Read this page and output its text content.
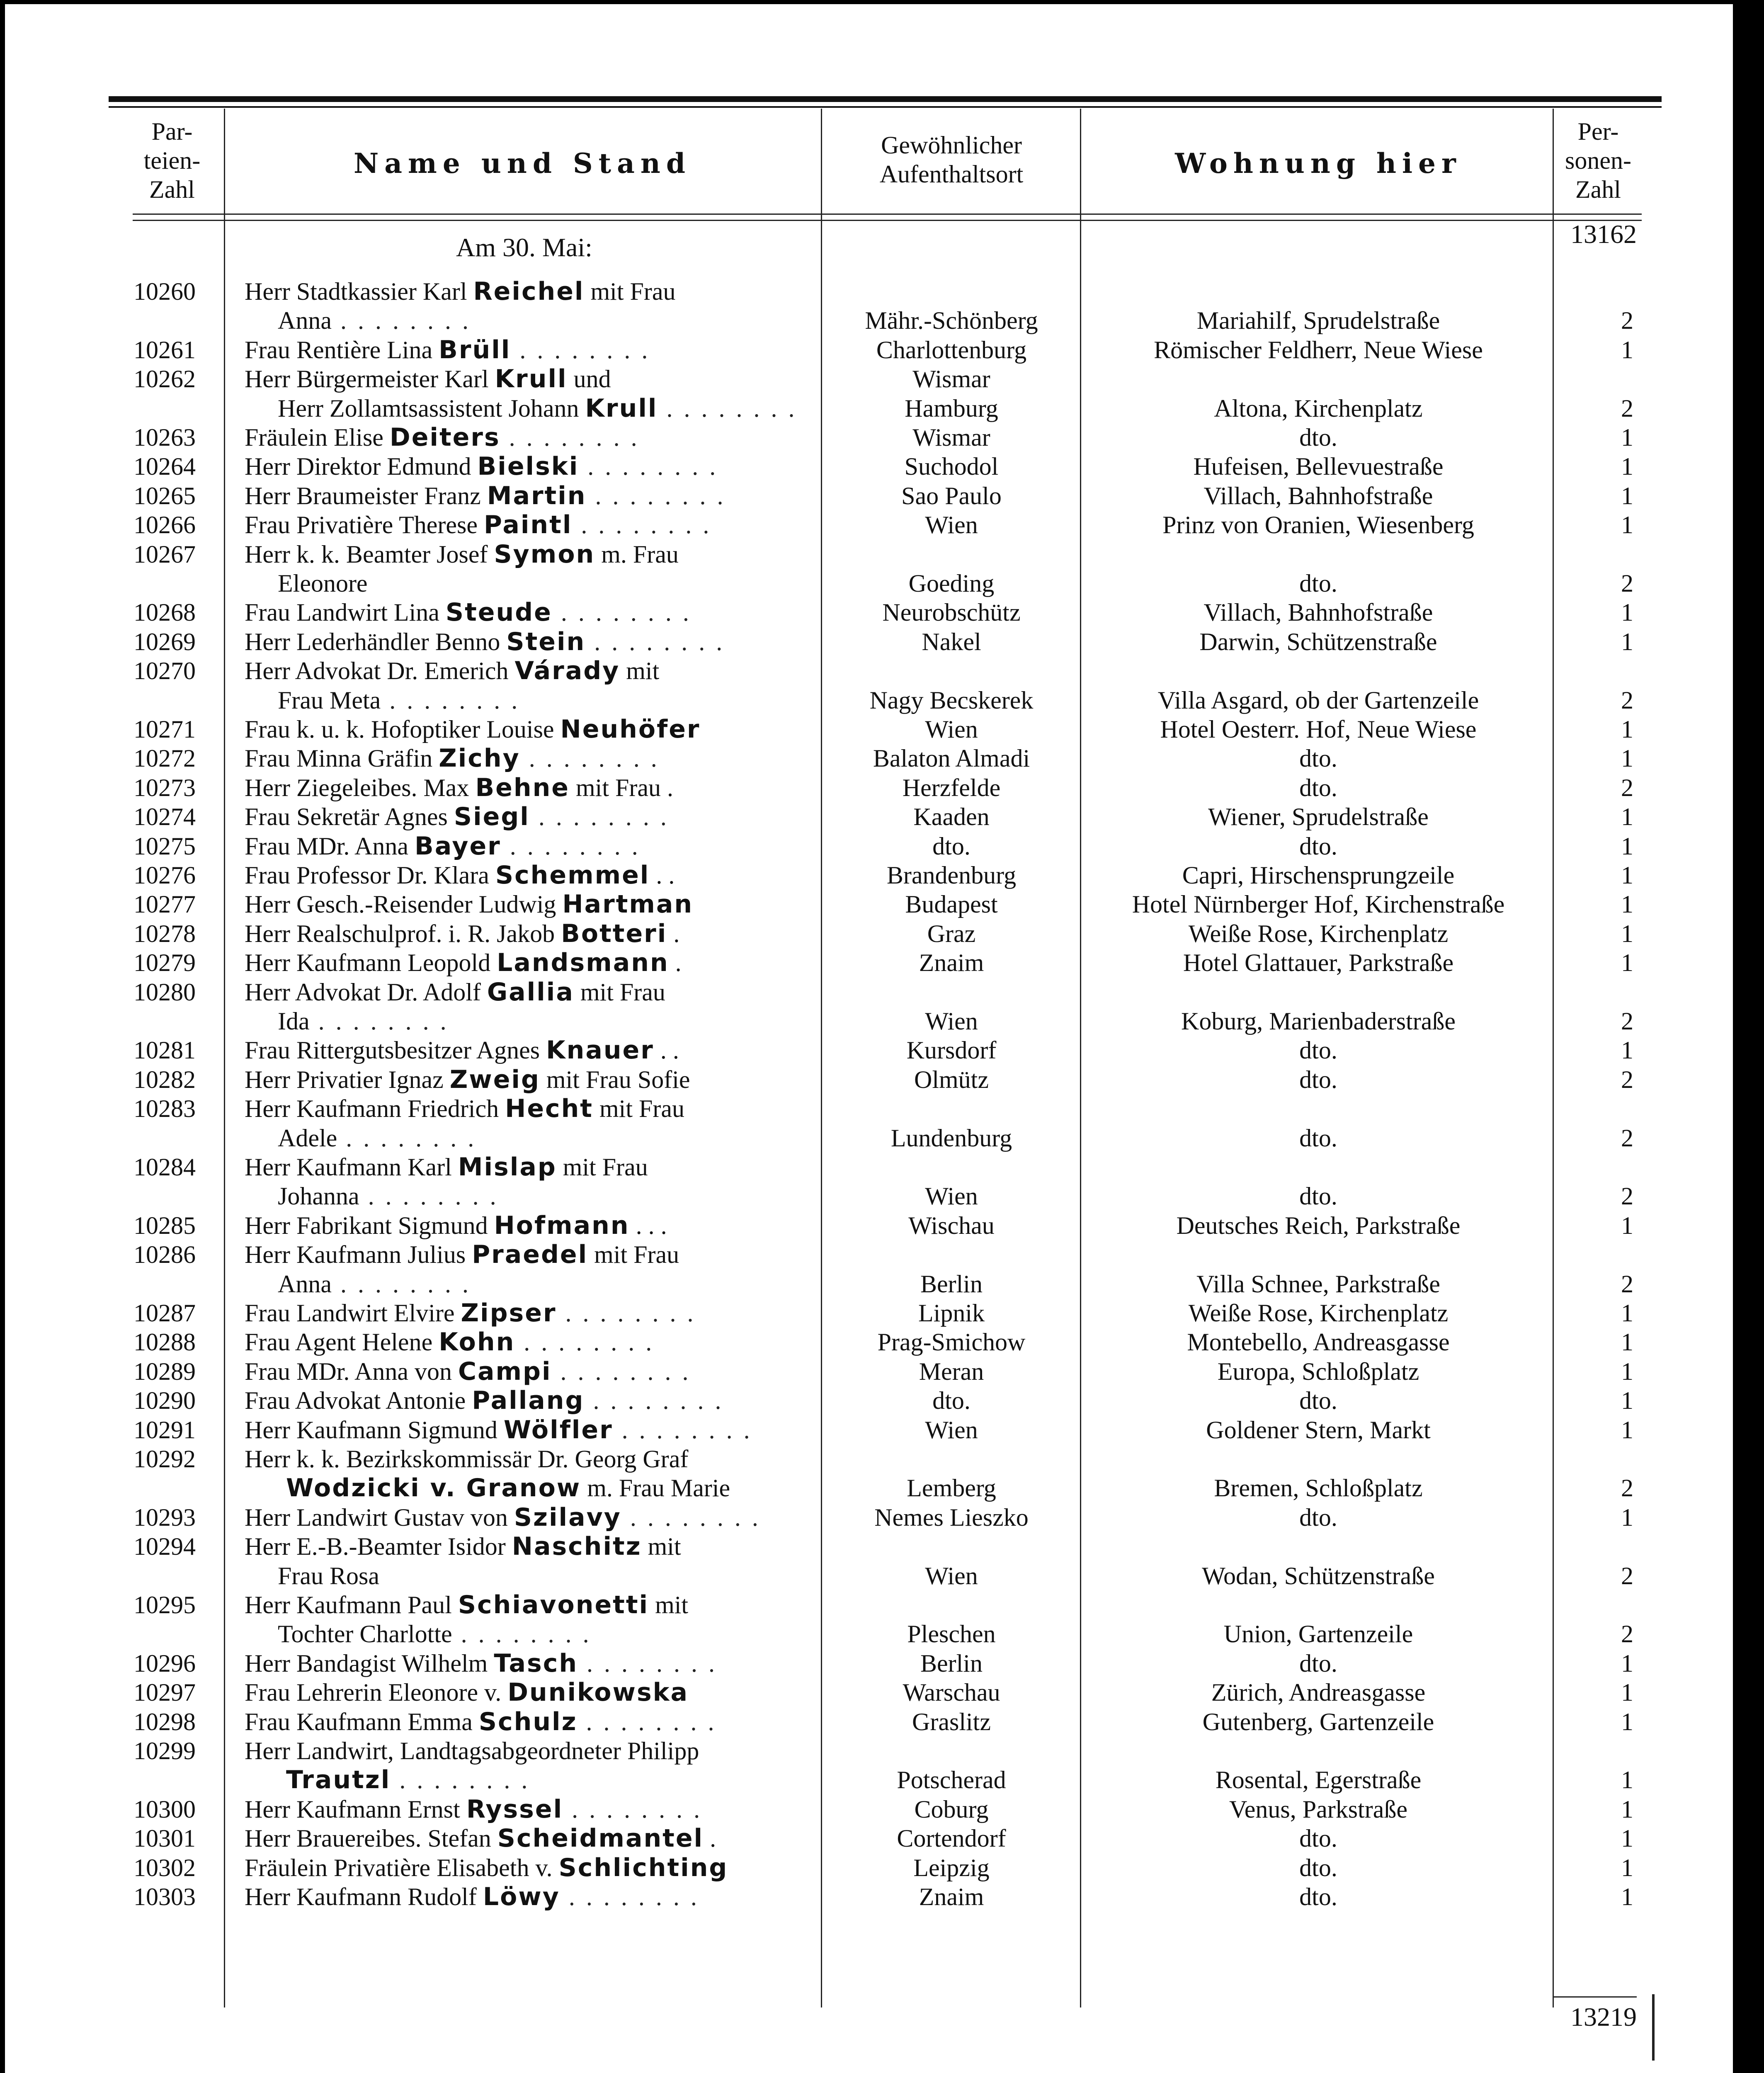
Par-
teien-
Zahl
Name und Stand
Gewöhnlicher
Aufenthaltsort	Wohnung hier
Per-
sonen-
Zahl
Am 30. Mai:	13162
13219
10260 Herr Stadtkassier Karl Reichel mit Frau
Anna . . . . . . . .	Mähr.-Schönberg	Mariahilf, Sprudelstraße	2
10261 Frau Rentière Lina Brüll . . . . . . . .	Charlottenburg	Römischer Feldherr, Neue Wiese	1
10262 Herr Bürgermeister Karl Krull und	Wismar
Herr Zollamtsassistent Johann Krull . . . . . . . .	Hamburg	Altona, Kirchenplatz	2
10263 Fräulein Elise Deiters . . . . . . . .	Wismar	dto.	1
10264 Herr Direktor Edmund Bielski . . . . . . . .	Suchodol	Hufeisen, Bellevuestraße	1
10265 Herr Braumeister Franz Martin . . . . . . . .	Sao Paulo	Villach, Bahnhofstraße	1
10266 Frau Privatière Therese Paintl . . . . . . . .	Wien	Prinz von Oranien, Wiesenberg	1
10267 Herr k. k. Beamter Josef Symon m. Frau
Eleonore	Goeding	dto.	2
10268 Frau Landwirt Lina Steude . . . . . . . .	Neurobschütz	Villach, Bahnhofstraße	1
10269 Herr Lederhändler Benno Stein . . . . . . . .	Nakel	Darwin, Schützenstraße	1
10270 Herr Advokat Dr. Emerich Várady mit
Frau Meta . . . . . . . .	Nagy Becskerek	Villa Asgard, ob der Gartenzeile	2
10271 Frau k. u. k. Hofoptiker Louise Neuhöfer	Wien	Hotel Oesterr. Hof, Neue Wiese	1
10272 Frau Minna Gräfin Zichy . . . . . . . .	Balaton Almadi	dto.	1
10273 Herr Ziegeleibes. Max Behne mit Frau .	Herzfelde	dto.	2
10274 Frau Sekretär Agnes Siegl . . . . . . . .	Kaaden	Wiener, Sprudelstraße	1
10275 Frau MDr. Anna Bayer . . . . . . . .	dto.	dto.	1
10276 Frau Professor Dr. Klara Schemmel . .	Brandenburg	Capri, Hirschensprungzeile	1
10277 Herr Gesch.-Reisender Ludwig Hartman	Budapest	Hotel Nürnberger Hof, Kirchenstraße	1
10278 Herr Realschulprof. i. R. Jakob Botteri .	Graz	Weiße Rose, Kirchenplatz	1
10279 Herr Kaufmann Leopold Landsmann .	Znaim	Hotel Glattauer, Parkstraße	1
10280 Herr Advokat Dr. Adolf Gallia mit Frau
Ida . . . . . . . .	Wien	Koburg, Marienbaderstraße	2
10281 Frau Rittergutsbesitzer Agnes Knauer . .	Kursdorf	dto.	1
10282 Herr Privatier Ignaz Zweig mit Frau Sofie	Olmütz	dto.	2
10283 Herr Kaufmann Friedrich Hecht mit Frau
Adele . . . . . . . .	Lundenburg	dto.	2
10284 Herr Kaufmann Karl Mislap mit Frau
Johanna . . . . . . . .	Wien	dto.	2
10285 Herr Fabrikant Sigmund Hofmann . . .	Wischau	Deutsches Reich, Parkstraße	1
10286 Herr Kaufmann Julius Praedel mit Frau
Anna . . . . . . . .	Berlin	Villa Schnee, Parkstraße	2
10287 Frau Landwirt Elvire Zipser . . . . . . . .	Lipnik	Weiße Rose, Kirchenplatz	1
10288 Frau Agent Helene Kohn . . . . . . . .	Prag-Smichow	Montebello, Andreasgasse	1
10289 Frau MDr. Anna von Campi . . . . . . . .	Meran	Europa, Schloßplatz	1
10290 Frau Advokat Antonie Pallang . . . . . . . .	dto.	dto.	1
10291 Herr Kaufmann Sigmund Wölfler . . . . . . . .	Wien	Goldener Stern, Markt	1
10292 Herr k. k. Bezirkskommissär Dr. Georg Graf
Wodzicki v. Granow m. Frau Marie	Lemberg	Bremen, Schloßplatz	2
10293 Herr Landwirt Gustav von Szilavy . . . . . . . .	Nemes Lieszko	dto.	1
10294 Herr E.-B.-Beamter Isidor Naschitz mit
Frau Rosa	Wien	Wodan, Schützenstraße	2
10295 Herr Kaufmann Paul Schiavonetti mit
Tochter Charlotte . . . . . . . .	Pleschen	Union, Gartenzeile	2
10296 Herr Bandagist Wilhelm Tasch . . . . . . . .	Berlin	dto.	1
10297 Frau Lehrerin Eleonore v. Dunikowska	Warschau	Zürich, Andreasgasse	1
10298 Frau Kaufmann Emma Schulz . . . . . . . .	Graslitz	Gutenberg, Gartenzeile	1
10299 Herr Landwirt, Landtagsabgeordneter Philipp
Trautzl . . . . . . . .	Potscherad	Rosental, Egerstraße	1
10300 Herr Kaufmann Ernst Ryssel . . . . . . . .	Coburg	Venus, Parkstraße	1
10301 Herr Brauereibes. Stefan Scheidmantel .	Cortendorf	dto.	1
10302 Fräulein Privatière Elisabeth v. Schlichting	Leipzig	dto.	1
10303 Herr Kaufmann Rudolf Löwy . . . . . . . .	Znaim	dto.	1
